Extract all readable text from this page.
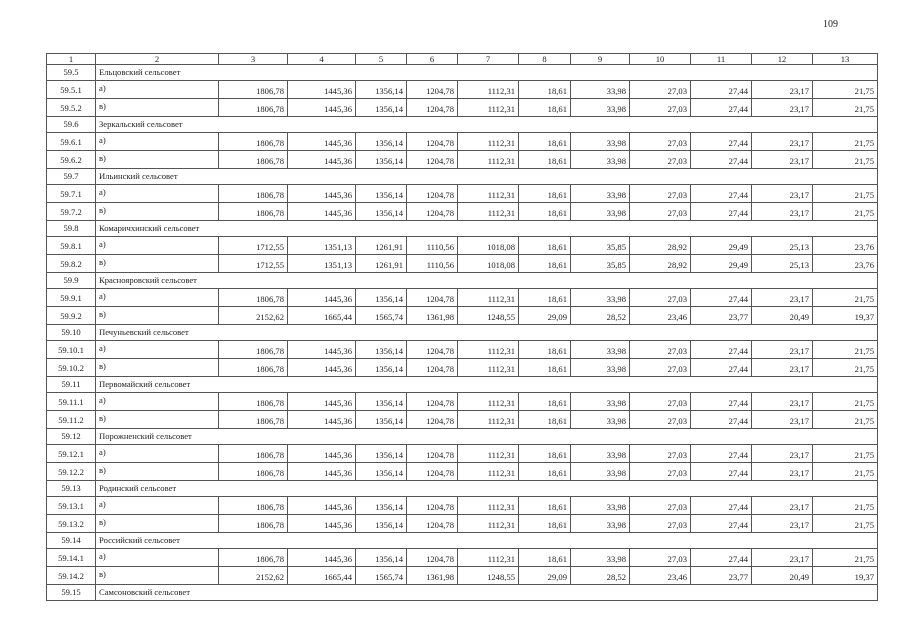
109
1	2	3	4	5	6	7	8	9	10	11	12	13
59.5	Ельцовский сельсовет											
59.5.1	а)	1806,78	1445,36	1356,14	1204,78	1112,31	18,61	33,98	27,03	27,44	23,17	21,75
59.5.2	в)	1806,78	1445,36	1356,14	1204,78	1112,31	18,61	33,98	27,03	27,44	23,17	21,75
59.6	Зеркальский сельсовет											
59.6.1	а)	1806,78	1445,36	1356,14	1204,78	1112,31	18,61	33,98	27,03	27,44	23,17	21,75
59.6.2	в)	1806,78	1445,36	1356,14	1204,78	1112,31	18,61	33,98	27,03	27,44	23,17	21,75
59.7	Ильинский сельсовет											
59.7.1	а)	1806,78	1445,36	1356,14	1204,78	1112,31	18,61	33,98	27,03	27,44	23,17	21,75
59.7.2	в)	1806,78	1445,36	1356,14	1204,78	1112,31	18,61	33,98	27,03	27,44	23,17	21,75
59.8	Комаричхинский сельсовет											
59.8.1	а)	1712,55	1351,13	1261,91	1110,56	1018,08	18,61	35,85	28,92	29,49	25,13	23,76
59.8.2	в)	1712,55	1351,13	1261,91	1110,56	1018,08	18,61	35,85	28,92	29,49	25,13	23,76
59.9	Краснояровский сельсовет											
59.9.1	а)	1806,78	1445,36	1356,14	1204,78	1112,31	18,61	33,98	27,03	27,44	23,17	21,75
59.9.2	в)	2152,62	1665,44	1565,74	1361,98	1248,55	29,09	28,52	23,46	23,77	20,49	19,37
59.10	Печуньевский сельсовет											
59.10.1	а)	1806,78	1445,36	1356,14	1204,78	1112,31	18,61	33,98	27,03	27,44	23,17	21,75
59.10.2	в)	1806,78	1445,36	1356,14	1204,78	1112,31	18,61	33,98	27,03	27,44	23,17	21,75
59.11	Первомайский сельсовет											
59.11.1	а)	1806,78	1445,36	1356,14	1204,78	1112,31	18,61	33,98	27,03	27,44	23,17	21,75
59.11.2	в)	1806,78	1445,36	1356,14	1204,78	1112,31	18,61	33,98	27,03	27,44	23,17	21,75
59.12	Порожненский сельсовет											
59.12.1	а)	1806,78	1445,36	1356,14	1204,78	1112,31	18,61	33,98	27,03	27,44	23,17	21,75
59.12.2	в)	1806,78	1445,36	1356,14	1204,78	1112,31	18,61	33,98	27,03	27,44	23,17	21,75
59.13	Родинский сельсовет											
59.13.1	а)	1806,78	1445,36	1356,14	1204,78	1112,31	18,61	33,98	27,03	27,44	23,17	21,75
59.13.2	в)	1806,78	1445,36	1356,14	1204,78	1112,31	18,61	33,98	27,03	27,44	23,17	21,75
59.14	Российский сельсовет											
59.14.1	а)	1806,78	1445,36	1356,14	1204,78	1112,31	18,61	33,98	27,03	27,44	23,17	21,75
59.14.2	в)	2152,62	1665,44	1565,74	1361,98	1248,55	29,09	28,52	23,46	23,77	20,49	19,37
59.15	Самсоновский сельсовет											
